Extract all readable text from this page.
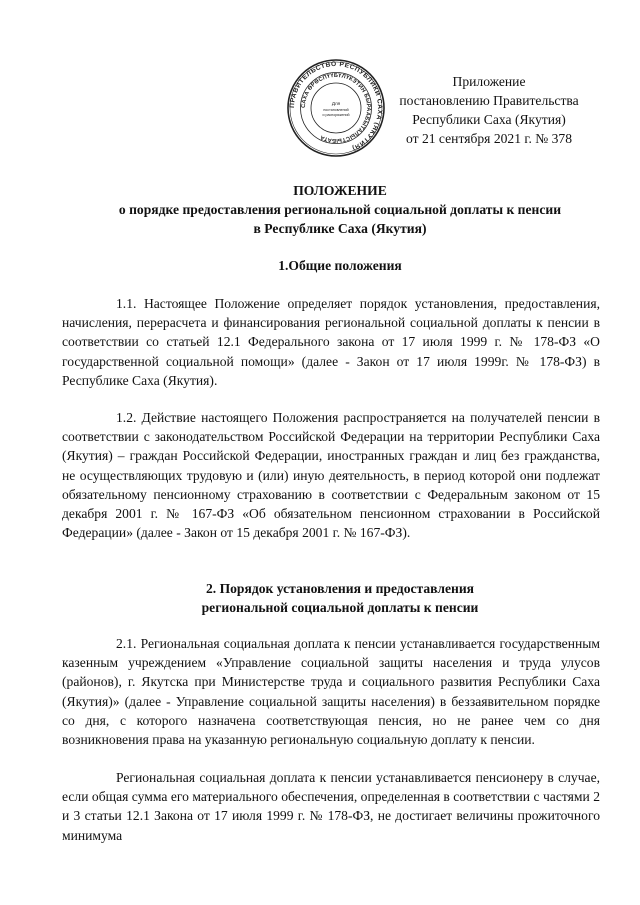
ПРАВИТЕЛЬСТВО РЕСПУБЛИКИ САХА (ЯКУТИЯ)
САХА ӨРӨСПҮҮБҮЛҮКЭТИН БЫРААБЫТАЛЫСТЫБАТА
Для
постановлений
и распоряжений
Приложение
постановлению Правительства
Республики Саха (Якутия)
от 21 сентября 2021 г. № 378
ПОЛОЖЕНИЕ
о порядке предоставления региональной социальной доплаты к пенсии
в Республике Саха (Якутия)
1.Общие положения
1.1. Настоящее Положение определяет порядок установления, предоставления, начисления, перерасчета и финансирования региональной социальной доплаты к пенсии в соответствии со статьей 12.1 Федерального закона от 17 июля 1999 г. № 178-ФЗ «О государственной социальной помощи» (далее - Закон от 17 июля 1999г. № 178-ФЗ) в Республике Саха (Якутия).
1.2. Действие настоящего Положения распространяется на получателей пенсии в соответствии с законодательством Российской Федерации на территории Республики Саха (Якутия) – граждан Российской Федерации, иностранных граждан и лиц без гражданства, не осуществляющих трудовую и (или) иную деятельность, в период которой они подлежат обязательному пенсионному страхованию в соответствии с Федеральным законом от 15 декабря 2001 г. № 167-ФЗ «Об обязательном пенсионном страховании в Российской Федерации» (далее - Закон от 15 декабря 2001 г. № 167-ФЗ).
2. Порядок установления и предоставления
региональной социальной доплаты к пенсии
2.1. Региональная социальная доплата к пенсии устанавливается государственным казенным учреждением «Управление социальной защиты населения и труда улусов (районов), г. Якутска при Министерстве труда и социального развития Республики Саха (Якутия)» (далее - Управление социальной защиты населения) в беззаявительном порядке со дня, с которого назначена соответствующая пенсия, но не ранее чем со дня возникновения права на указанную региональную социальную доплату к пенсии.
Региональная социальная доплата к пенсии устанавливается пенсионеру в случае, если общая сумма его материального обеспечения, определенная в соответствии с частями 2 и 3 статьи 12.1 Закона от 17 июля 1999 г. № 178-ФЗ, не достигает величины прожиточного минимума
